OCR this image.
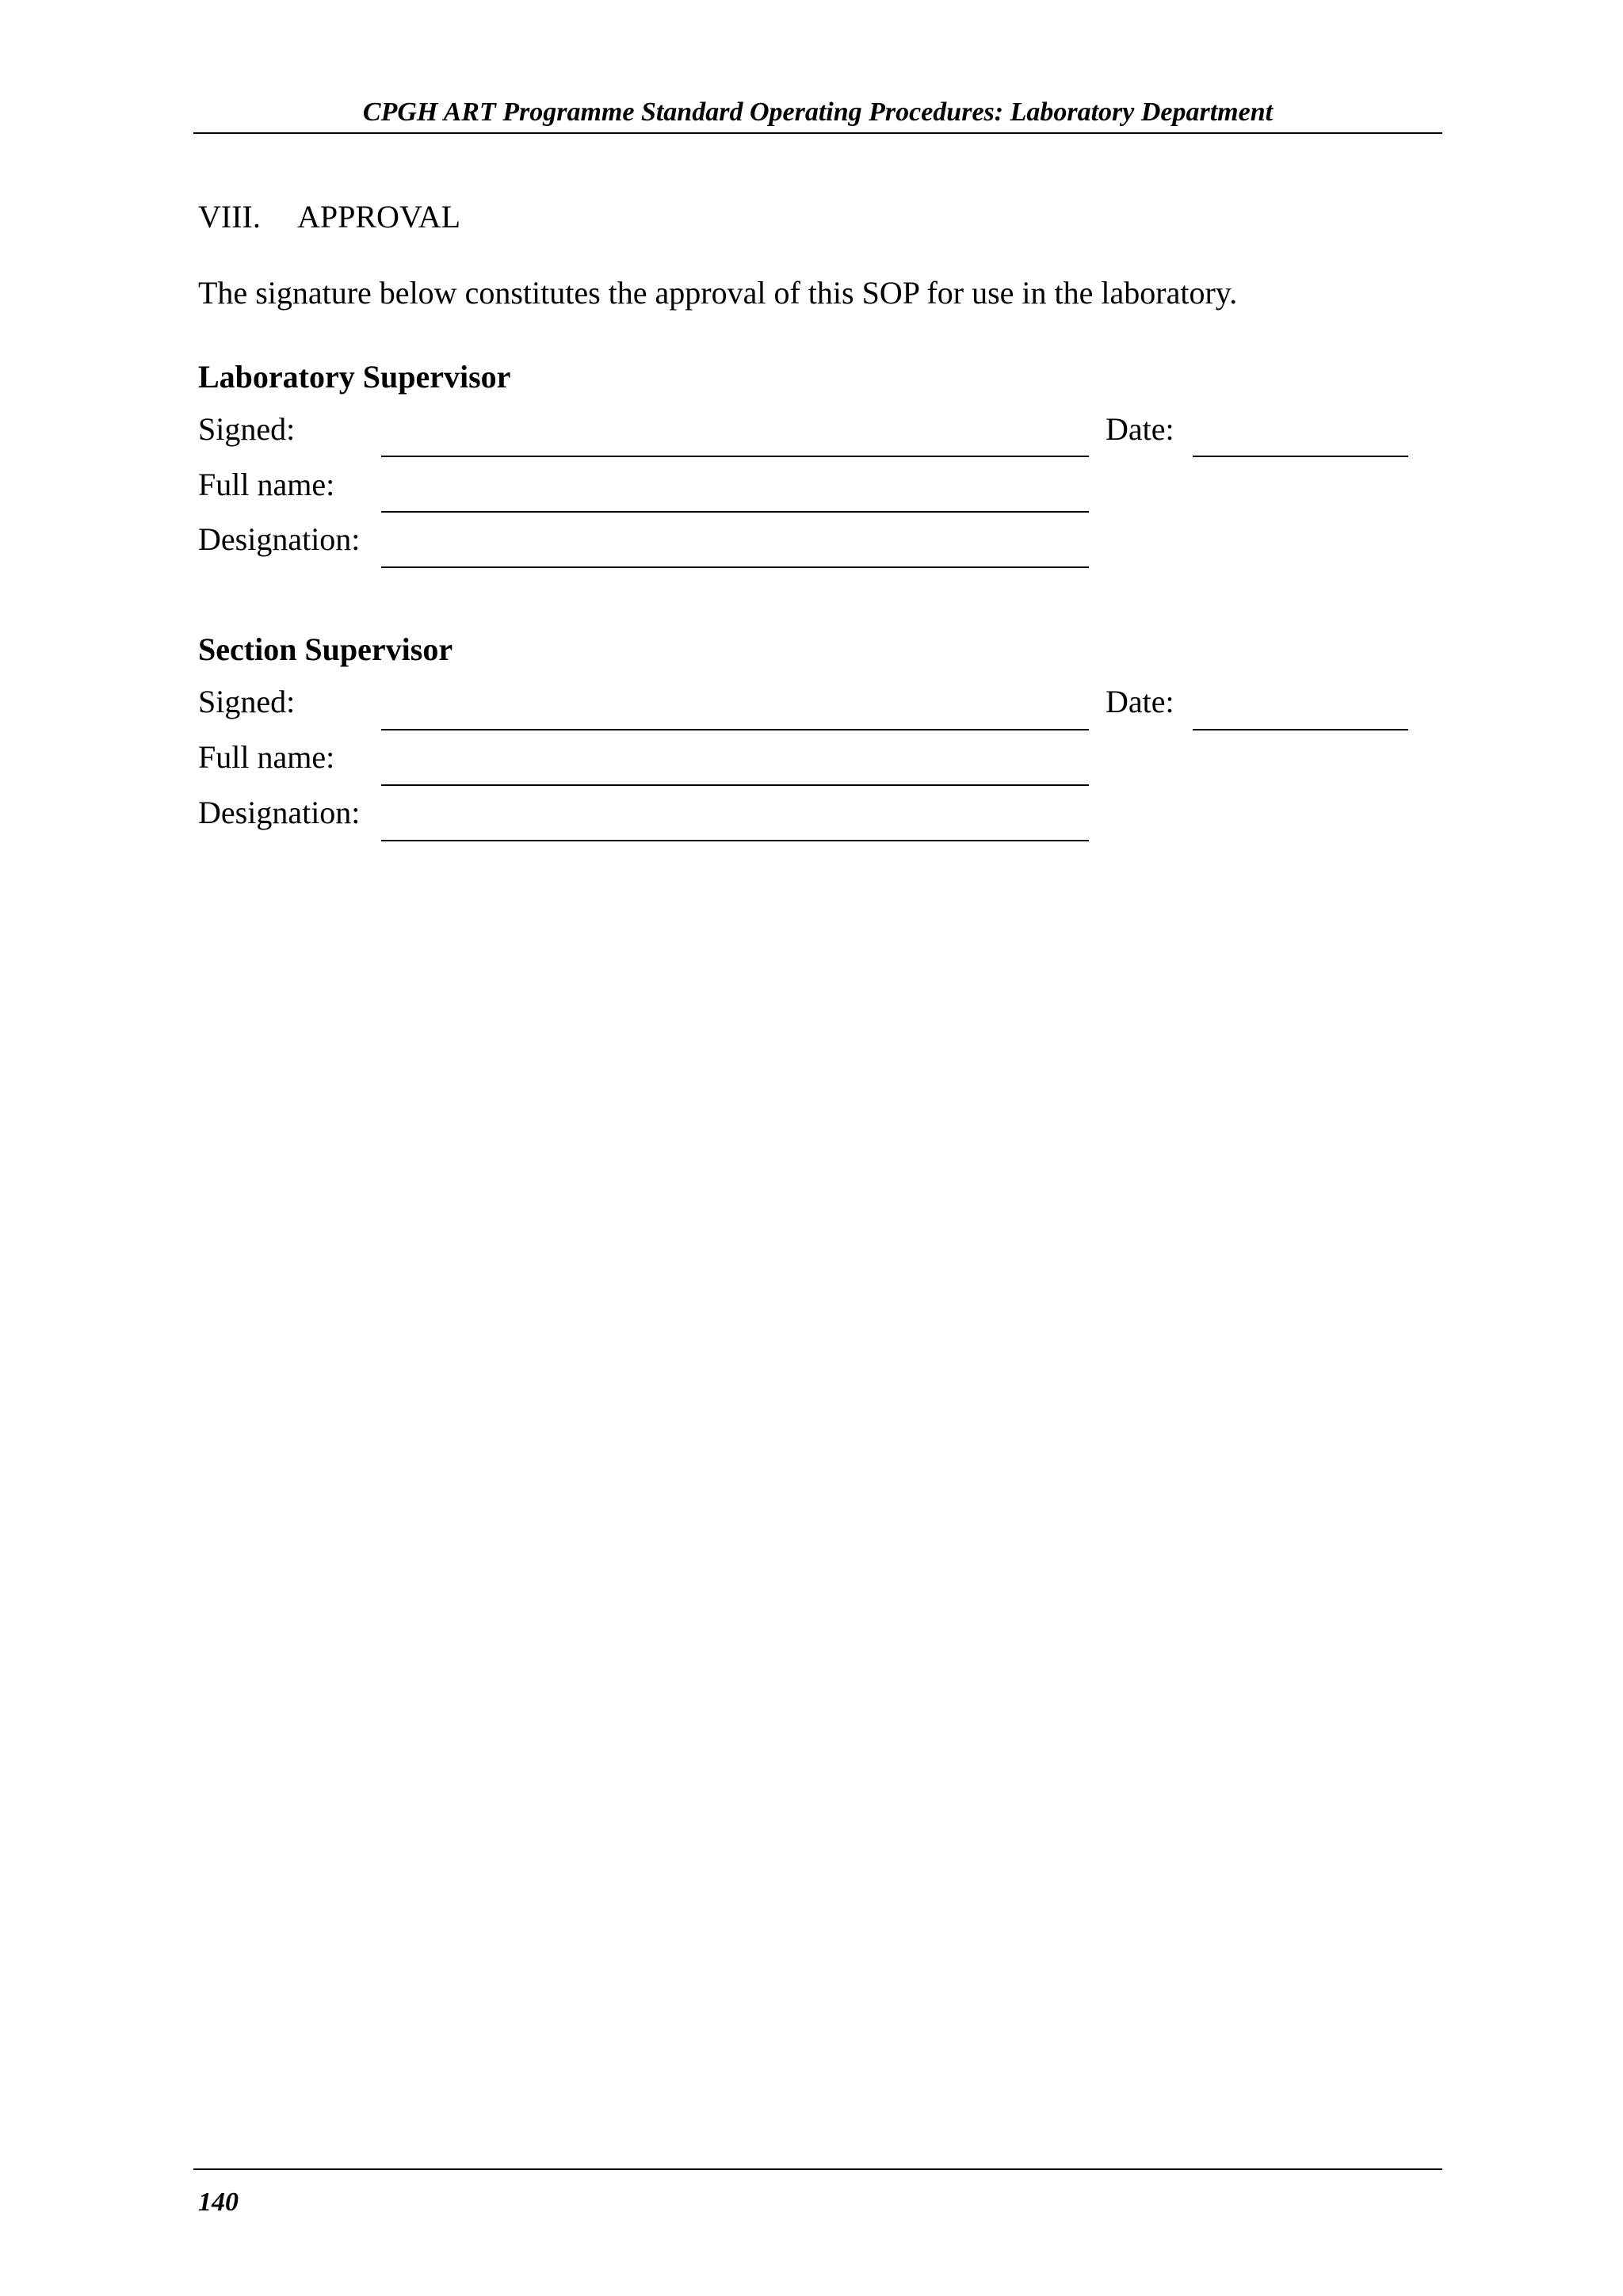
CPGH ART Programme Standard Operating Procedures: Laboratory Department
VIII. APPROVAL
The signature below constitutes the approval of this SOP for use in the laboratory.
Laboratory Supervisor
Signed:	Date:
Full name:
Designation:
Section Supervisor
Signed:	Date:
Full name:
Designation:
140
